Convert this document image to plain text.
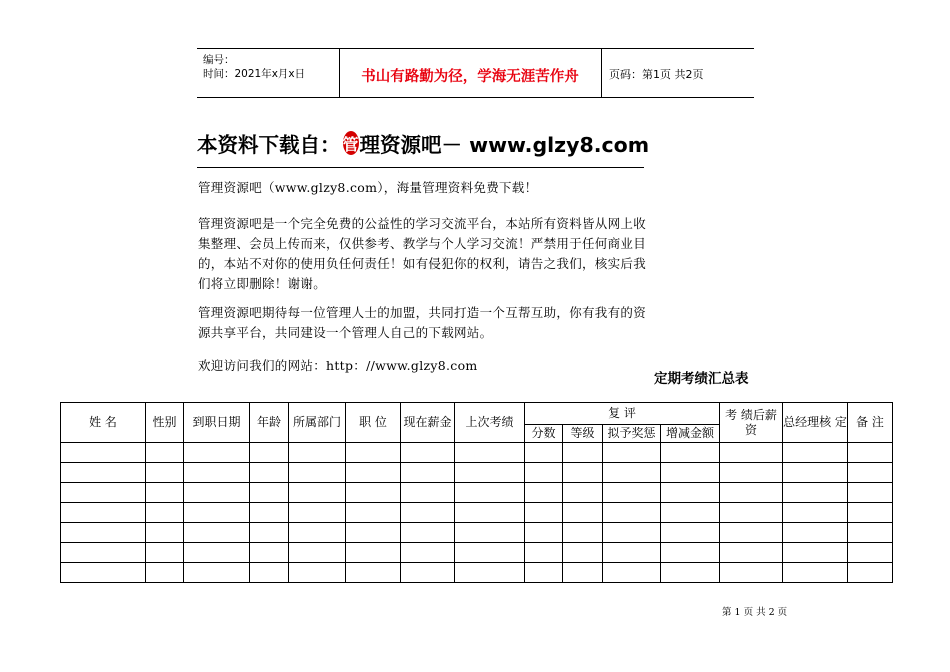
编号：
时间：2021年x月x日	书山有路勤为径，学海无涯苦作舟	页码：第1页 共2页
本资料下载自： 管 理资源吧 － www.glzy8.com
管理资源吧（www.glzy8.com），海量管理资料免费下载！
管理资源吧是一个完全免费的公益性的学习交流平台，本站所有资料皆从网上收集整理、会员上传而来，仅供参考、教学与个人学习交流！严禁用于任何商业目的，本站不对你的使用负任何责任！如有侵犯你的权利，请告之我们，核实后我们将立即删除！谢谢。
管理资源吧期待每一位管理人士的加盟，共同打造一个互帮互助，你有我有的资源共享平台，共同建设一个管理人自己的下载网站。
欢迎访问我们的网站：http：//www.glzy8.com
定期考绩汇总表
姓 名	性别	到职日期	年龄	所属部门	职 位	现在薪金	上次考绩	复 评				考 绩后薪资	总经理核 定	备 注
								分数	等级	拟予奖惩	增减金额			

第 1 页 共 2 页
